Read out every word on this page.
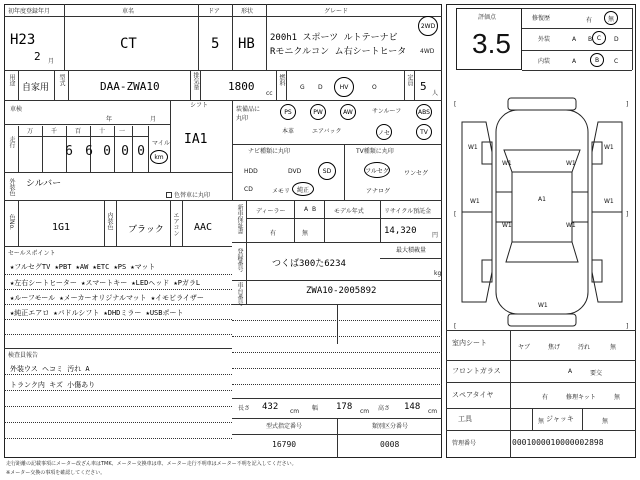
初年度登録年月
H23
2 月
車名
CT
ドア
5
形状
HB
グレード
200h1 スポーツ ルトテーナビ
Rモニクルコン ム右シートヒータ
2WD
4WD
用途
自家用
型式	DAA-ZWA10	排気量	1800
cc
燃料
G D	HV	O
定員 5
人
車検
年	月
シフト
IA1
走行
万	千	百	十 一
6 6 0 0 0
マイル
km
外装色 シルバー
色替車に丸印
色No.	1G1	内装色 ブラック エアコン AAC
セールスポイント
★フルセグTV ★PBT ★AW ★ETC ★PS ★マット
★左右シートヒーター ★スマートキー ★LEDヘッド ★PガラL
★ルーフモール ★メーカーオリジナルマット ★イモビライザー
★純正エアロ ★パドルシフト ★DHDミラー ★USBポート
検査員報告
外装ウス ヘコミ 汚れ A
トランク内 キズ 小傷あり
装備品に
丸印
PS	PW	AW	サンルーフ	ABS
本革	エアバック	ノセ	TV
ナビ種類に丸印
HDD	DVD	SD
CD	メモリ 純正
TV種類に丸印
フルセグ	ワンセグ
アナログ
新車保証書 ディーラー	A B
有	無
モデル年式	リサイクル預託金
14,320	円
登録番号	つくば300た6234
最大積載量
kg
車台番号	ZWA10-2005892
長さ 432 cm 幅 178 cm 高さ 148 cm
型式指定番号	類別区分番号
16790	0008
評価点
3.5
修復歴	有	無
外装	A B C D
内装	A	B C
[	]
[	]
[	]
W1
W1
W1
W1
A1
W1
W1
W1
W1
W1
室内シート
ヤブ	焦げ	汚れ	無
フロントガラス	A	要交
スペアタイヤ	有	修理キット	無
工具	無 ジャッキ	無
管理番号	0001000010000002898
走行距離の記載事項にメーター改ざん車はTMK、メーター交換車は車、メーター走行不明車はメーター不明を記入してください。
※メーター交換の事項を確認してください。
